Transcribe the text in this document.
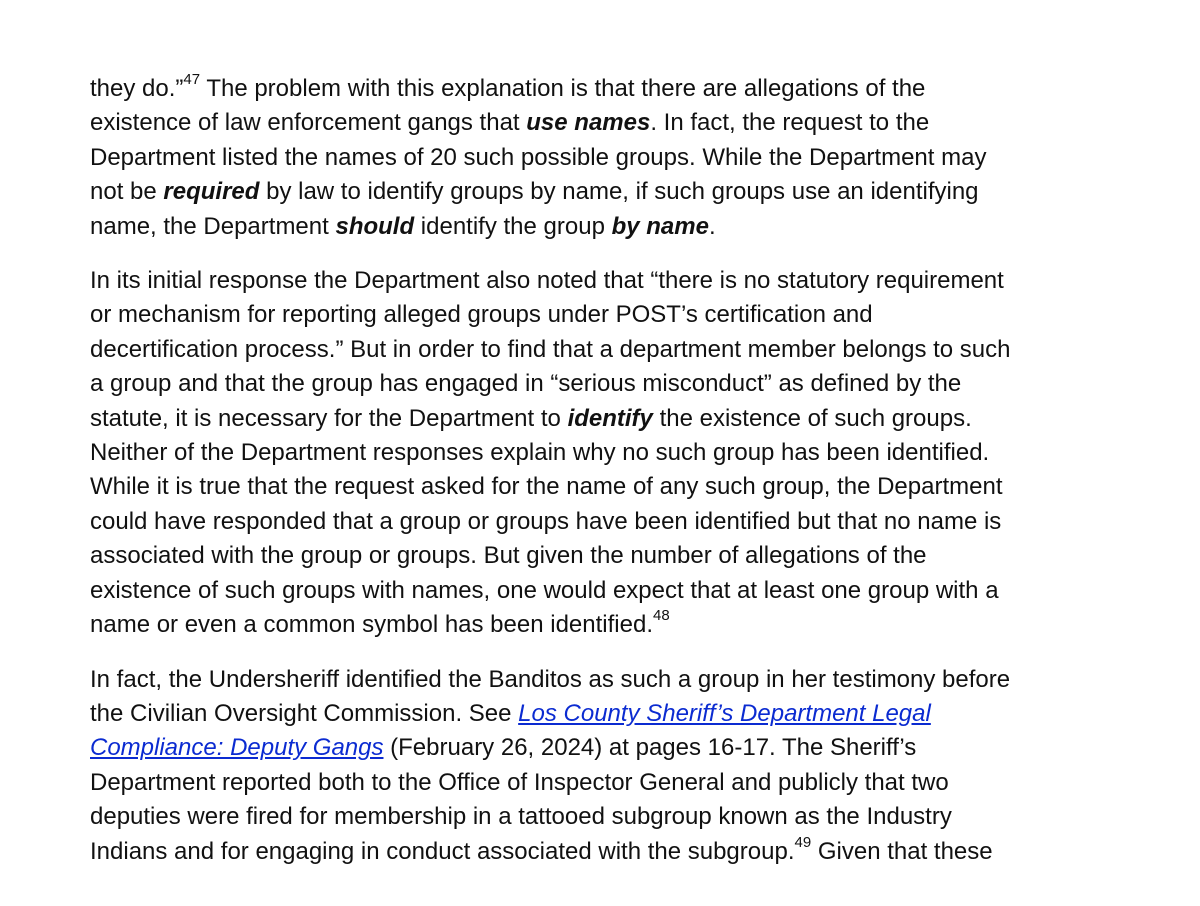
they do.”$^{47}$ The problem with this explanation is that there are allegations of the
existence of law enforcement gangs that use names. In fact, the request to the
Department listed the names of 20 such possible groups. While the Department may
not be required by law to identify groups by name, if such groups use an identifying
name, the Department should identify the group by name.

In its initial response the Department also noted that “there is no statutory requirement
or mechanism for reporting alleged groups under POST’s certification and
decertification process.” But in order to find that a department member belongs to such
a group and that the group has engaged in “serious misconduct” as defined by the
statute, it is necessary for the Department to identify the existence of such groups.
Neither of the Department responses explain why no such group has been identified.
While it is true that the request asked for the name of any such group, the Department
could have responded that a group or groups have been identified but that no name is
associated with the group or groups. But given the number of allegations of the
existence of such groups with names, one would expect that at least one group with a
name or even a common symbol has been identified.$^{48}$

In fact, the Undersheriff identified the Banditos as such a group in her testimony before
the Civilian Oversight Commission. See Los County Sheriff’s Department Legal
Compliance: Deputy Gangs (February 26, 2024) at pages 16-17. The Sheriff’s
Department reported both to the Office of Inspector General and publicly that two
deputies were fired for membership in a tattooed subgroup known as the Industry
Indians and for engaging in conduct associated with the subgroup.$^{49}$ Given that these
